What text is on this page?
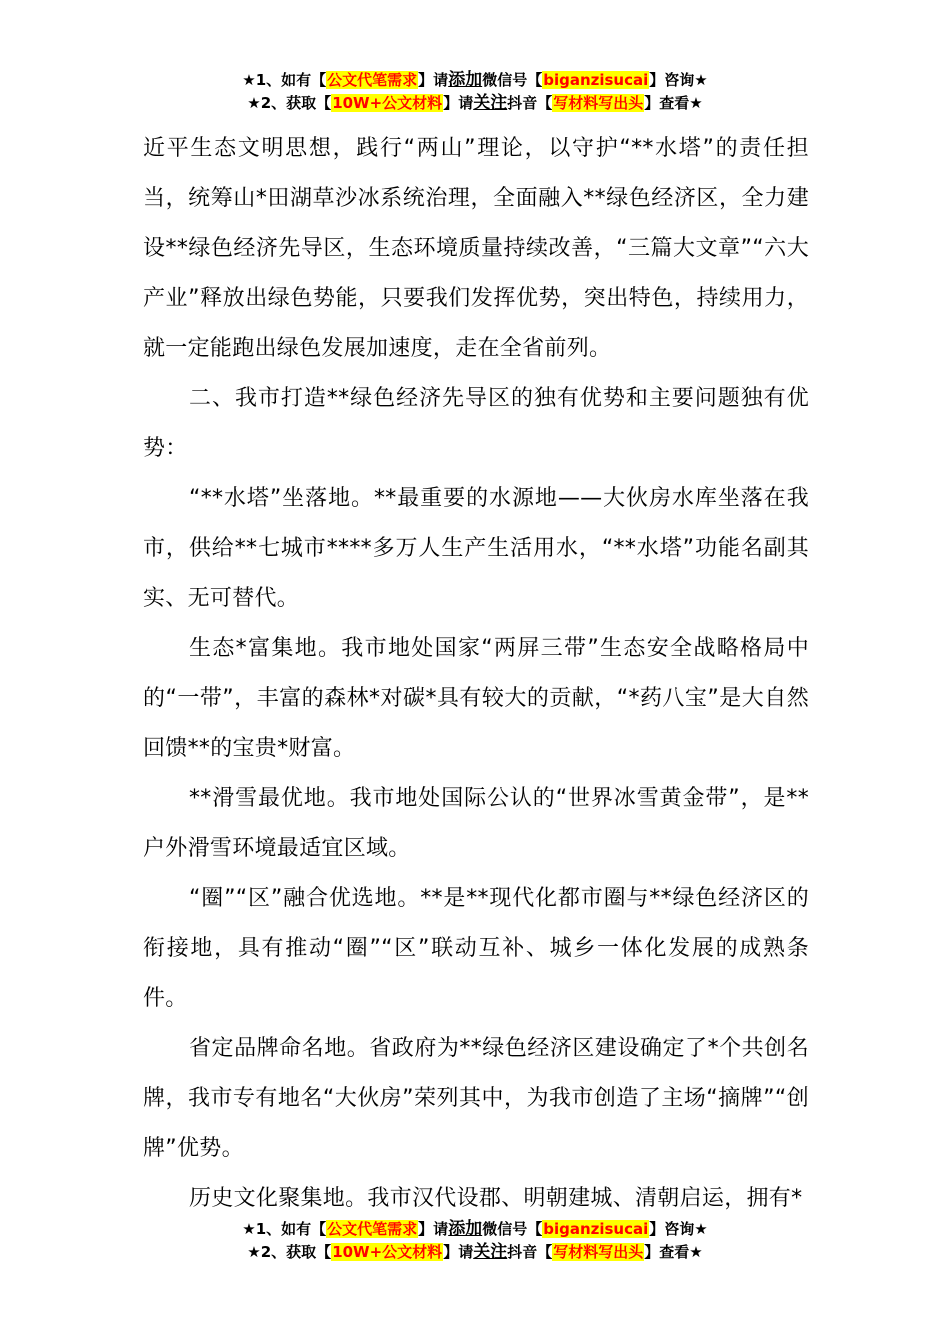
★1、如有【公文代笔需求】请添加微信号【biganzisucai】咨询★
★2、获取【10W+公文材料】请关注抖音【写材料写出头】查看★

近平生态文明思想，践行“两山”理论，以守护“**水塔”的责任担当，统筹山*田湖草沙冰系统治理，全面融入**绿色经济区，全力建设**绿色经济先导区，生态环境质量持续改善，“三篇大文章”“六大产业”释放出绿色势能，只要我们发挥优势，突出特色，持续用力，就一定能跑出绿色发展加速度，走在全省前列。

二、我市打造**绿色经济先导区的独有优势和主要问题独有优势：

“**水塔”坐落地。**最重要的水源地——大伙房水库坐落在我市，供给**七城市****多万人生产生活用水，“**水塔”功能名副其实、无可替代。

生态*富集地。我市地处国家“两屏三带”生态安全战略格局中的“一带”，丰富的森林*对碳*具有较大的贡献，“*药八宝”是大自然回馈**的宝贵*财富。

**滑雪最优地。我市地处国际公认的“世界冰雪黄金带”，是**户外滑雪环境最适宜区域。

“圈”“区”融合优选地。**是**现代化都市圈与**绿色经济区的衔接地，具有推动“圈”“区”联动互补、城乡一体化发展的成熟条件。

省定品牌命名地。省政府为**绿色经济区建设确定了*个共创名牌，我市专有地名“大伙房”荣列其中，为我市创造了主场“摘牌”“创牌”优势。

历史文化聚集地。我市汉代设郡、明朝建城、清朝启运，拥有*

★1、如有【公文代笔需求】请添加微信号【biganzisucai】咨询★
★2、获取【10W+公文材料】请关注抖音【写材料写出头】查看★
